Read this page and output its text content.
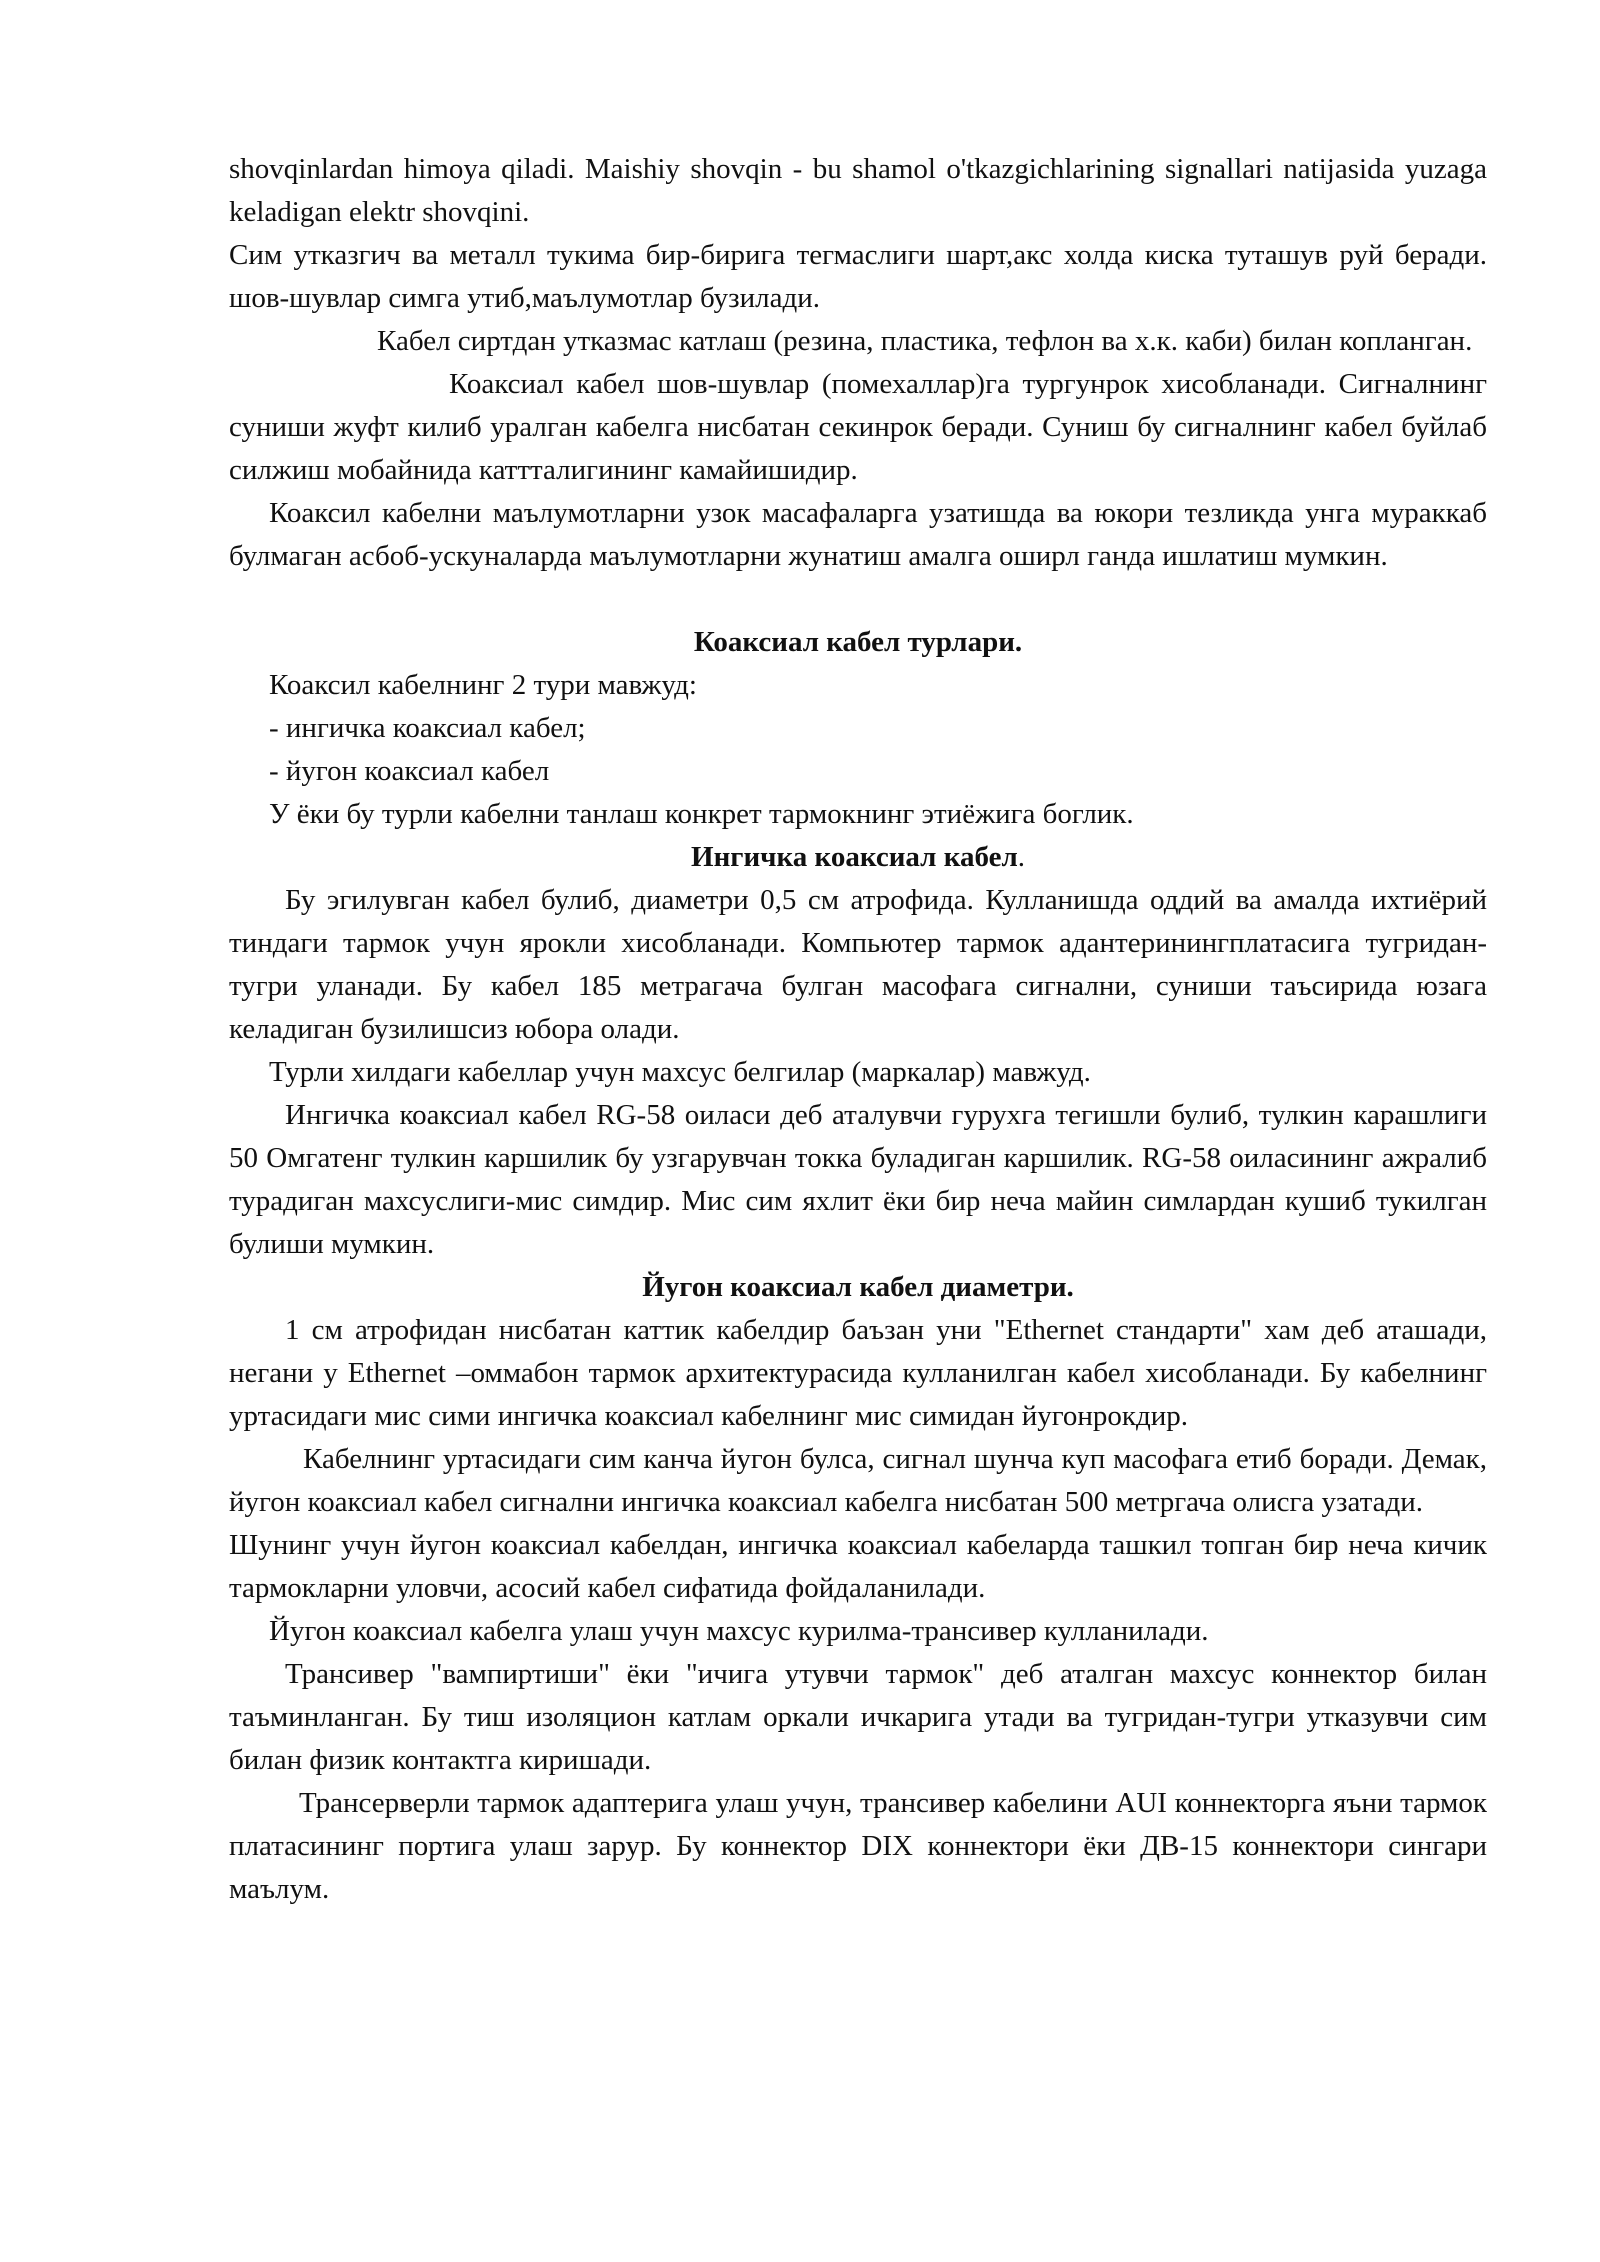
shovqinlardan himoya qiladi. Maishiy shovqin - bu shamol o'tkazgichlarining signallari natijasida yuzaga keladigan elektr shovqini.

Сим утказгич ва металл тукима бир-бирига тегмаслиги шарт,акс холда киска туташув руй беради. шов-шувлар симга утиб,маълумотлар бузилади.

Кабел сиртдан утказмас катлаш (резина, пластика, тефлон ва х.к. каби) билан копланган.

Коаксиал кабел шов-шувлар (помехаллар)га тургунрок хисобланади. Сигналнинг суниши жуфт килиб уралган кабелга нисбатан секинрок беради. Суниш бу сигналнинг кабел буйлаб силжиш мобайнида каттталигининг камайишидир.

Коаксил кабелни маълумотларни узок масафаларга узатишда ва юкори тезликда унга мураккаб булмаган асбоб-ускуналарда маълумотларни жунатиш амалга оширл ганда ишлатиш мумкин.

Коаксиал кабел турлари.

Коаксил кабелнинг 2 тури мавжуд:

- ингичка коаксиал кабел;

- йугон коаксиал кабел

У ёки бу турли кабелни танлаш конкрет тармокнинг этиёжига боглик.

Ингичка коаксиал кабел.

Бу эгилувган кабел булиб, диаметри 0,5 см атрофида. Кулланишда оддий ва амалда ихтиёрий тиндаги тармок учун ярокли хисобланади. Компьютер тармок адантеринингплатасига тугридан-тугри уланади. Бу кабел 185 метрагача булган масофага сигнални, суниши таъсирида юзага келадиган бузилишсиз юбора олади.

Турли хилдаги кабеллар учун махсус белгилар (маркалар) мавжуд.

Ингичка коаксиал кабел RG-58 оиласи деб аталувчи гурухга тегишли булиб, тулкин карашлиги 50 Омгатенг тулкин каршилик бу узгарувчан токка буладиган каршилик. RG-58 оиласининг ажралиб турадиган махсуслиги-мис симдир. Мис сим яхлит ёки бир неча майин симлардан кушиб тукилган булиши мумкин.

Йугон коаксиал кабел диаметри.

1 см атрофидан нисбатан каттик кабелдир баъзан уни "Ethernet стандарти" хам деб аташади, негани у Ethernet –оммабон тармок архитектурасида кулланилган кабел хисобланади. Бу кабелнинг уртасидаги мис сими ингичка коаксиал кабелнинг мис симидан йугонрокдир.

Кабелнинг уртасидаги сим канча йугон булса, сигнал шунча куп масофага етиб боради. Демак, йугон коаксиал кабел сигнални ингичка коаксиал кабелга нисбатан 500 метргача олисга узатади.

Шунинг учун йугон коаксиал кабелдан, ингичка коаксиал кабеларда ташкил топган бир неча кичик тармокларни уловчи, асосий кабел сифатида фойдаланилади.

Йугон коаксиал кабелга улаш учун махсус курилма-трансивер кулланилади.

Трансивер "вампиртиши" ёки "ичига утувчи тармок" деб аталган махсус коннектор билан таъминланган. Бу тиш изоляцион катлам оркали ичкарига утади ва тугридан-тугри утказувчи сим билан физик контактга киришади.

Трансерверли тармок адаптерига улаш учун, трансивер кабелини AUI коннекторга яъни тармок платасининг портига улаш зарур. Бу коннектор DIX коннектори ёки ДВ-15 коннектори сингари маълум.
